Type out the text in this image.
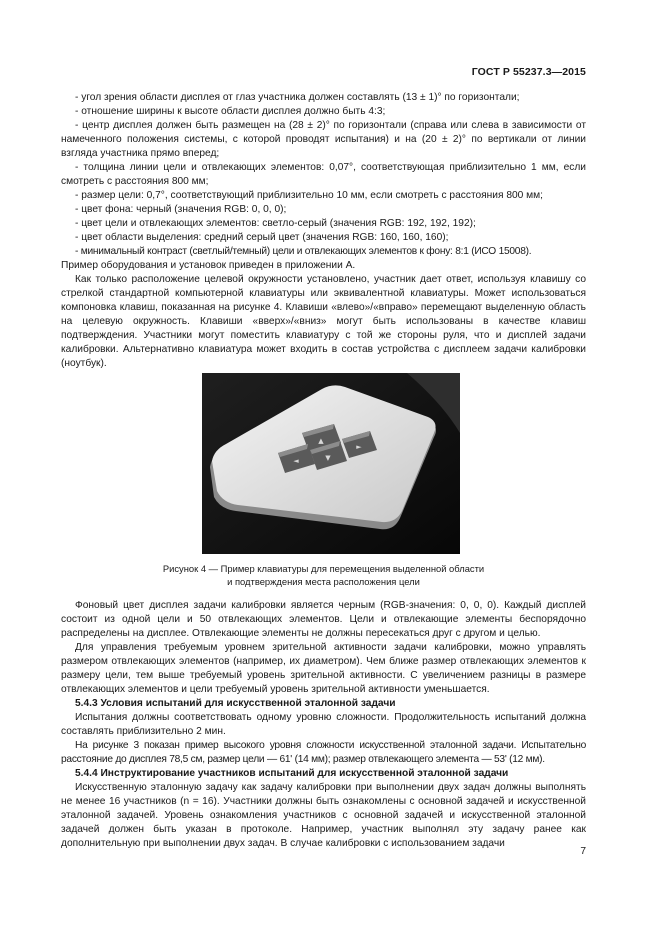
ГОСТ Р 55237.3—2015

- угол зрения области дисплея от глаз участника должен составлять (13 ± 1)° по горизонтали;

- отношение ширины к высоте области дисплея должно быть 4:3;

- центр дисплея должен быть размещен на (28 ± 2)° по горизонтали (справа или слева в зависимости от намеченного положения системы, с которой проводят испытания) и на (20 ± 2)° по вертикали от линии взгляда участника прямо вперед;

- толщина линии цели и отвлекающих элементов: 0,07°, соответствующая приблизительно 1 мм, если смотреть с расстояния 800 мм;

- размер цели: 0,7°, соответствующий приблизительно 10 мм, если смотреть с расстояния 800 мм;

- цвет фона: черный (значения RGB: 0, 0, 0);

- цвет цели и отвлекающих элементов: светло-серый (значения RGB: 192, 192, 192);

- цвет области выделения: средний серый цвет (значения RGB: 160, 160, 160);

- минимальный контраст (светлый/темный) цели и отвлекающих элементов к фону: 8:1 (ИСО 15008).

Пример оборудования и установок приведен в приложении А.

Как только расположение целевой окружности установлено, участник дает ответ, используя клавишу со стрелкой стандартной компьютерной клавиатуры или эквивалентной клавиатуры. Может использоваться компоновка клавиш, показанная на рисунке 4. Клавиши «влево»/«вправо» перемещают выделенную область на целевую окружность. Клавиши «вверх»/«вниз» могут быть использованы в качестве клавиш подтверждения. Участники могут поместить клавиатуру с той же стороны руля, что и дисплей задачи калибровки. Альтернативно клавиатура может входить в состав устройства с дисплеем задачи калибровки (ноутбук).

▲
◄	▼
►
Рисунок 4 — Пример клавиатуры для перемещения выделенной области
и подтверждения места расположения цели

Фоновый цвет дисплея задачи калибровки является черным (RGB-значения: 0, 0, 0). Каждый дисплей состоит из одной цели и 50 отвлекающих элементов. Цели и отвлекающие элементы беспорядочно распределены на дисплее. Отвлекающие элементы не должны пересекаться друг с другом и целью.

Для управления требуемым уровнем зрительной активности задачи калибровки, можно управлять размером отвлекающих элементов (например, их диаметром). Чем ближе размер отвлекающих элементов к размеру цели, тем выше требуемый уровень зрительной активности. С увеличением разницы в размере отвлекающих элементов и цели требуемый уровень зрительной активности уменьшается.

5.4.3 Условия испытаний для искусственной эталонной задачи

Испытания должны соответствовать одному уровню сложности. Продолжительность испытаний должна составлять приблизительно 2 мин.

На рисунке 3 показан пример высокого уровня сложности искусственной эталонной задачи. Испытательно расстояние до дисплея 78,5 см, размер цели — 61' (14 мм); размер отвлекающего элемента — 53' (12 мм).

5.4.4 Инструктирование участников испытаний для искусственной эталонной задачи

Искусственную эталонную задачу как задачу калибровки при выполнении двух задач должны выполнять не менее 16 участников (n = 16). Участники должны быть ознакомлены с основной задачей и искусственной эталонной задачей. Уровень ознакомления участников с основной задачей и искусственной эталонной задачей должен быть указан в протоколе. Например, участник выполнял эту задачу ранее как дополнительную при выполнении двух задач. В случае калибровки с использованием задачи

7
